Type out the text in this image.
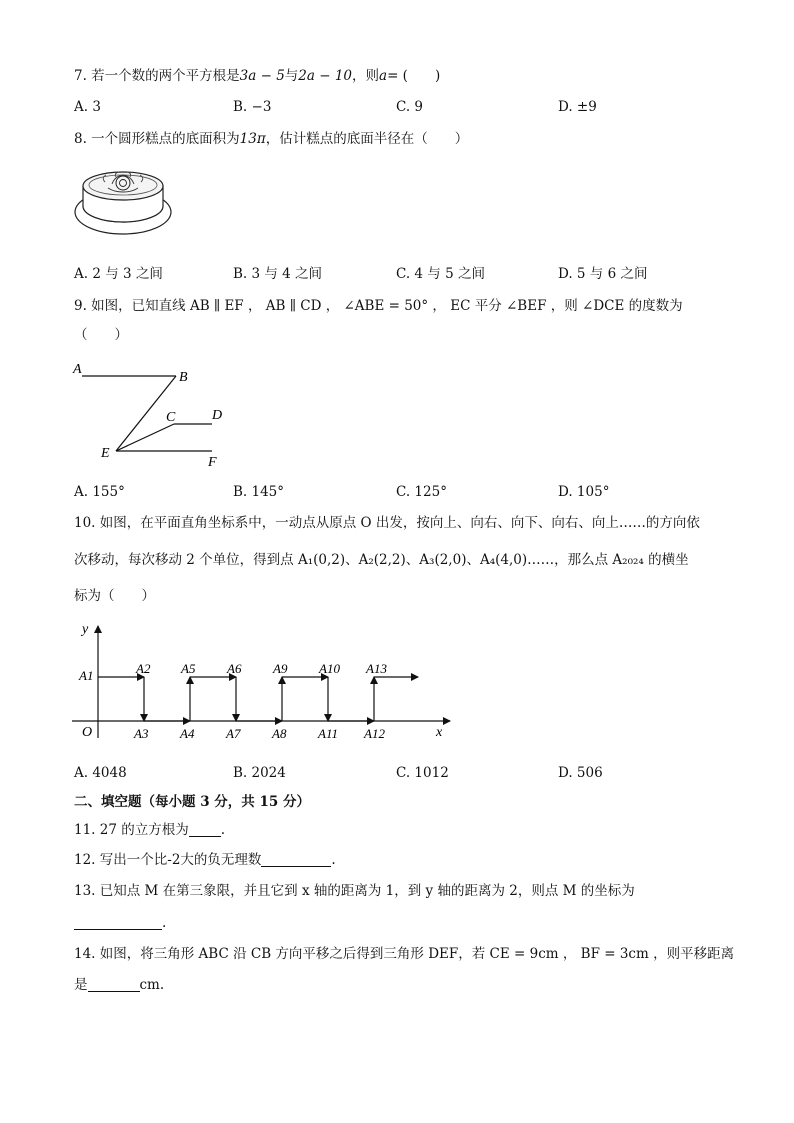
7. 若一个数的两个平方根是3a − 5与2a − 10，则a= (　　)
A. 3	B. −3	C. 9	D. ±9
8. 一个圆形糕点的底面积为13π，估计糕点的底面半径在（　　）
A. 2 与 3 之间	B. 3 与 4 之间	C. 4 与 5 之间	D. 5 与 6 之间
9. 如图，已知直线 AB ∥ EF ， AB ∥ CD ， ∠ABE = 50° ， EC 平分 ∠BEF ，则 ∠DCE 的度数为
（　　）
A
B
C	D
E
F
A. 155°	B. 145°	C. 125°	D. 105°
10. 如图，在平面直角坐标系中，一动点从原点 O 出发，按向上、向右、向下、向右、向上……的方向依
次移动，每次移动 2 个单位，得到点 A₁(0,2)、A₂(2,2)、A₃(2,0)、A₄(4,0)……，那么点 A₂₀₂₄ 的横坐
标为（　　）
y
x
O
A1	A2 A5 A6 A9 A10 A13
A3 A4 A7 A8 A11 A12
A. 4048	B. 2024	C. 1012	D. 506
二、填空题（每小题 3 分，共 15 分）
11. 27 的立方根为 .
12. 写出一个比-2大的负无理数	.
13. 已知点 M 在第三象限，并且它到 x 轴的距离为 1，到 y 轴的距离为 2，则点 M 的坐标为
.
14. 如图，将三角形 ABC 沿 CB 方向平移之后得到三角形 DEF，若 CE = 9cm ， BF = 3cm ，则平移距离
是	cm.
